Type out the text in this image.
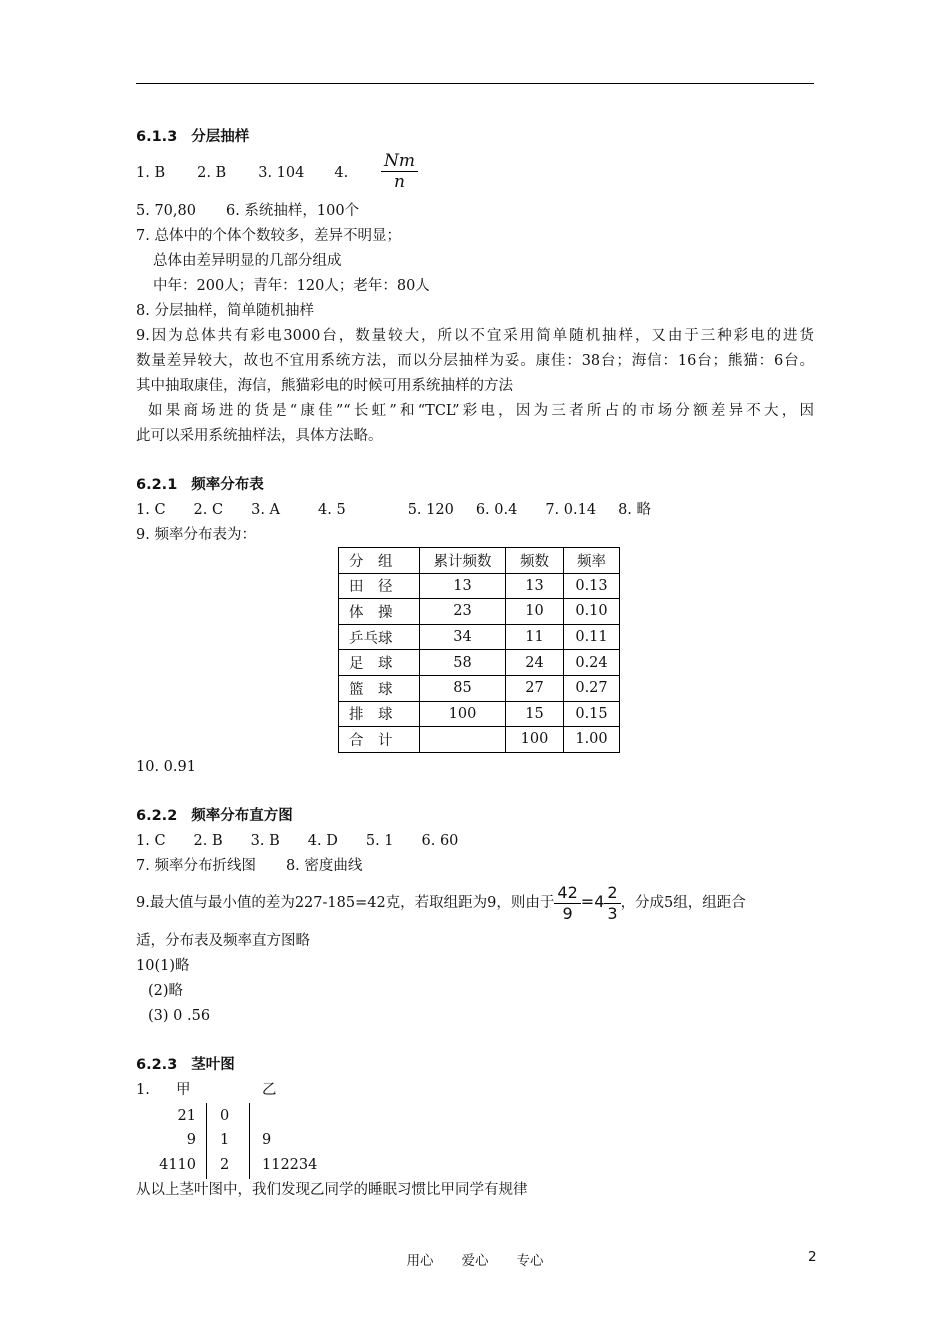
6.1.3 分层抽样
1. B 2. B 3. 104 4. $\frac{Nm}{n}$
5. 70,80 6. 系统抽样，100个
7. 总体中的个体个数较多，差异不明显；
总体由差异明显的几部分组成
中年：200人；青年：120人；老年：80人
8. 分层抽样，简单随机抽样
9.因为总体共有彩电3000台，数量较大，所以不宜采用简单随机抽样，又由于三种彩电的进货
数量差异较大，故也不宜用系统方法，而以分层抽样为妥。康佳：38台；海信：16台；熊猫：6台。
其中抽取康佳，海信，熊猫彩电的时候可用系统抽样的方法
如果商场进的货是“康佳”“长虹”和“TCL”彩电，因为三者所占的市场分额差异不大，因
此可以采用系统抽样法，具体方法略。
6.2.1 频率分布表
1. C 2. C 3. A	4. 5	5. 120 6. 0.4 7. 0.14 8. 略
9. 频率分布表为：
分　组	累计频数	频数	频率
田　径	13	13	0.13
体　操	23	10	0.10
乒乓球	34	11	0.11
足　球	58	24	0.24
篮　球	85	27	0.27
排　球	100	15	0.15
合　计		100	1.00
10. 0.91
6.2.2 频率分布直方图
1. C 2. B 3. B 4. D 5. 1 6. 60
7. 频率分布折线图 8. 密度曲线
9.最大值与最小值的差为227-185=42克，若取组距为9，则由于 $\frac{42}{9} =4 \frac{2}{3}$ ，分成5组，组距合
适，分布表及频率直方图略
10(1)略
(2)略
(3) 0 .56
6.2.3 茎叶图
1. 甲	乙
21 0
9 1 9
4110 2 112234
从以上茎叶图中，我们发现乙同学的睡眠习惯比甲同学有规律
用心 爱心 专心	2
